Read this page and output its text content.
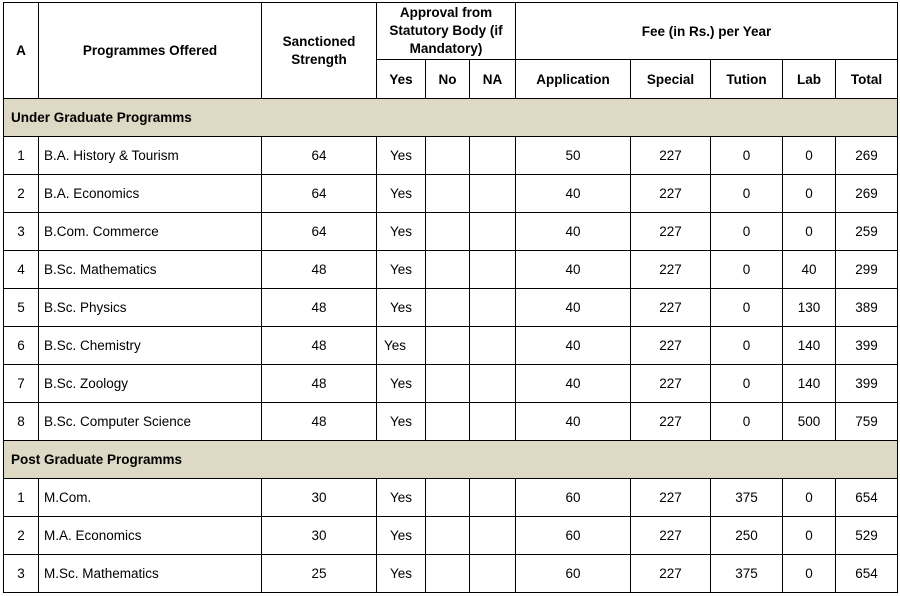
A	Programmes Offered	Sanctioned Strength	Approval from Statutory Body (if Mandatory)			Fee (in Rs.) per Year				
			Yes	No	NA	Application	Special	Tution	Lab	Total
Under Graduate Programms										
1	B.A. History & Tourism	64	Yes			50	227	0	0	269
2	B.A. Economics	64	Yes			40	227	0	0	269
3	B.Com. Commerce	64	Yes			40	227	0	0	259
4	B.Sc. Mathematics	48	Yes			40	227	0	40	299
5	B.Sc. Physics	48	Yes			40	227	0	130	389
6	B.Sc. Chemistry	48	Yes			40	227	0	140	399
7	B.Sc. Zoology	48	Yes			40	227	0	140	399
8	B.Sc. Computer Science	48	Yes			40	227	0	500	759
Post Graduate Programms										
1	M.Com.	30	Yes			60	227	375	0	654
2	M.A. Economics	30	Yes			60	227	250	0	529
3	M.Sc. Mathematics	25	Yes			60	227	375	0	654
